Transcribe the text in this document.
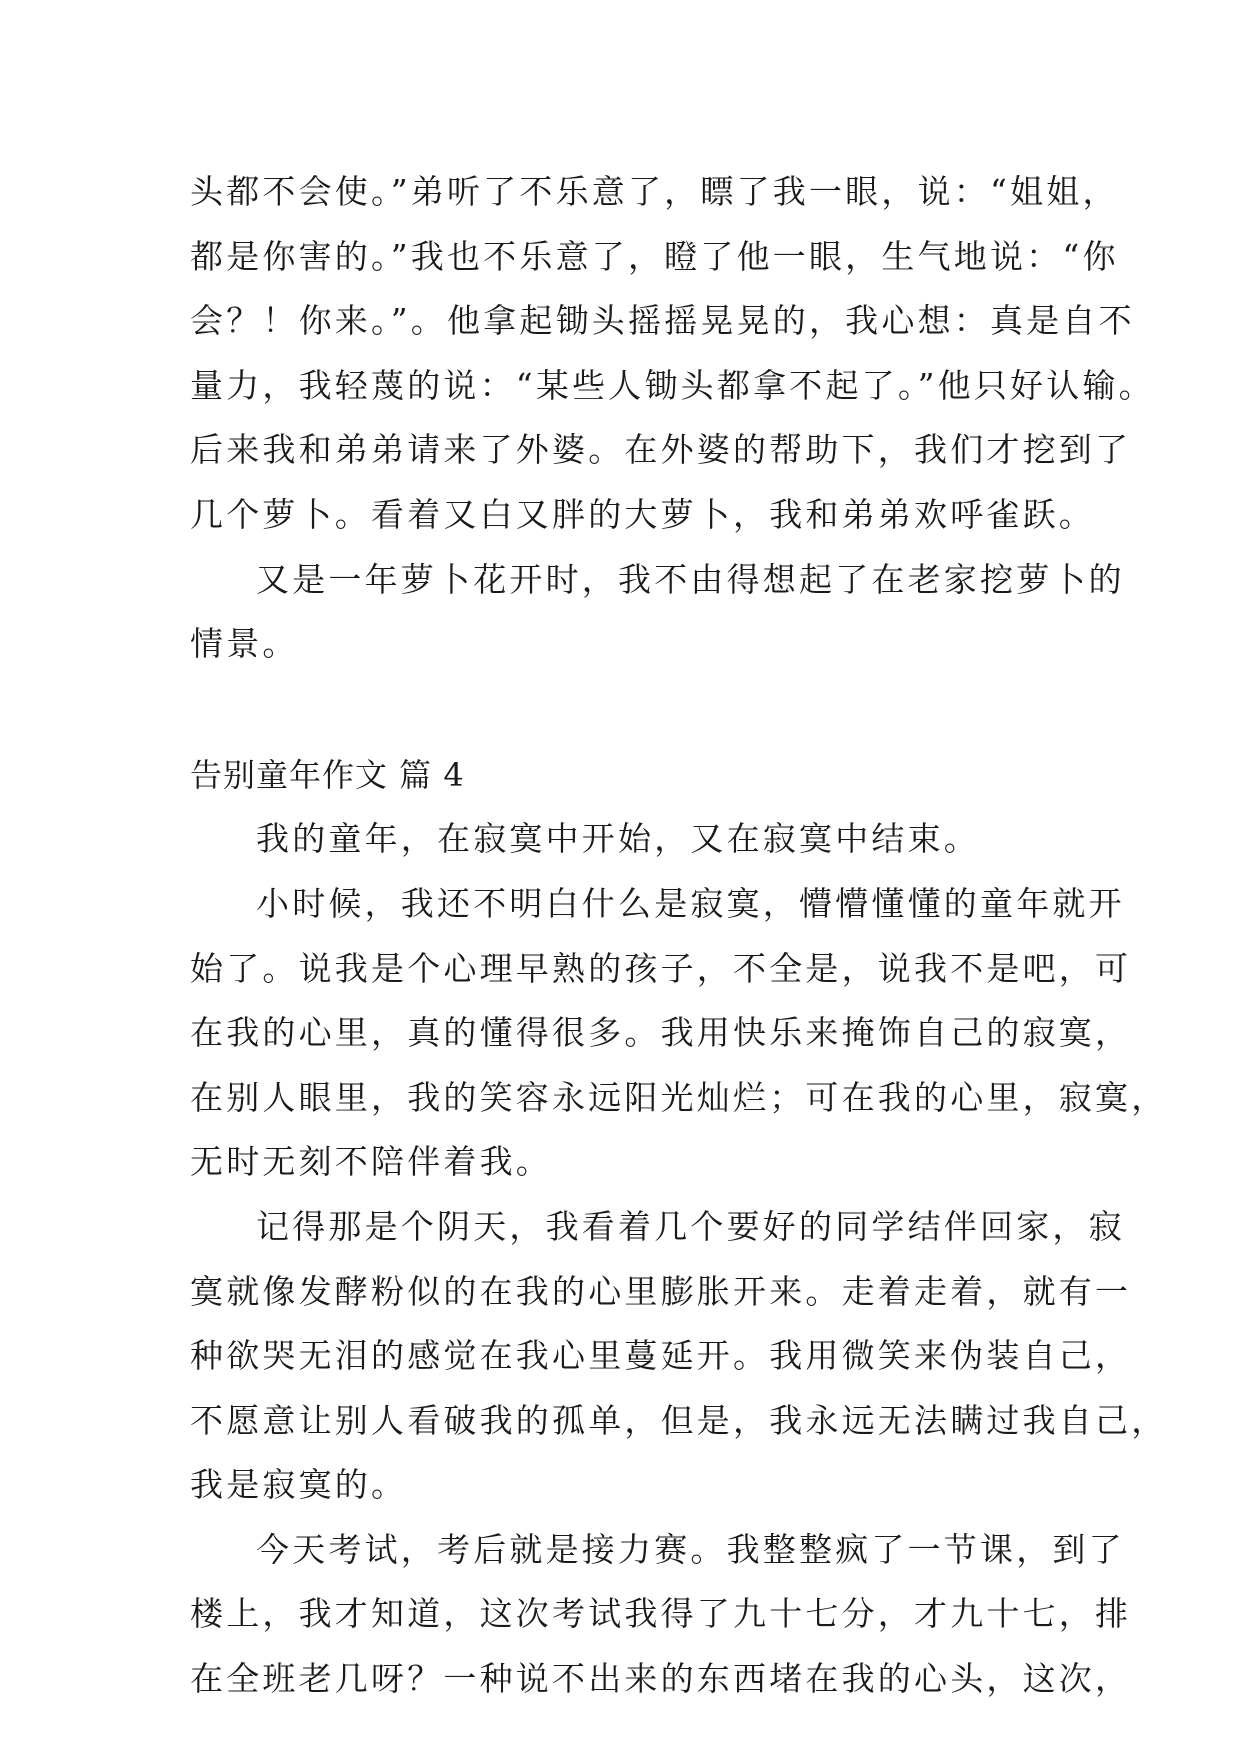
头都不会使。”弟听了不乐意了，瞟了我一眼，说：“姐姐，
都是你害的。”我也不乐意了，瞪了他一眼，生气地说：“你
会？！你来。”。他拿起锄头摇摇晃晃的，我心想：真是自不
量力，我轻蔑的说：“某些人锄头都拿不起了。”他只好认输。
后来我和弟弟请来了外婆。在外婆的帮助下，我们才挖到了
几个萝卜。看着又白又胖的大萝卜，我和弟弟欢呼雀跃。
又是一年萝卜花开时，我不由得想起了在老家挖萝卜的
情景。
告别童年作文 篇 4
我的童年，在寂寞中开始，又在寂寞中结束。
小时候，我还不明白什么是寂寞，懵懵懂懂的童年就开
始了。说我是个心理早熟的孩子，不全是，说我不是吧，可
在我的心里，真的懂得很多。我用快乐来掩饰自己的寂寞，
在别人眼里，我的笑容永远阳光灿烂；可在我的心里，寂寞，
无时无刻不陪伴着我。
记得那是个阴天，我看着几个要好的同学结伴回家，寂
寞就像发酵粉似的在我的心里膨胀开来。走着走着，就有一
种欲哭无泪的感觉在我心里蔓延开。我用微笑来伪装自己，
不愿意让别人看破我的孤单，但是，我永远无法瞒过我自己，
我是寂寞的。
今天考试，考后就是接力赛。我整整疯了一节课，到了
楼上，我才知道，这次考试我得了九十七分，才九十七，排
在全班老几呀？一种说不出来的东西堵在我的心头，这次，
